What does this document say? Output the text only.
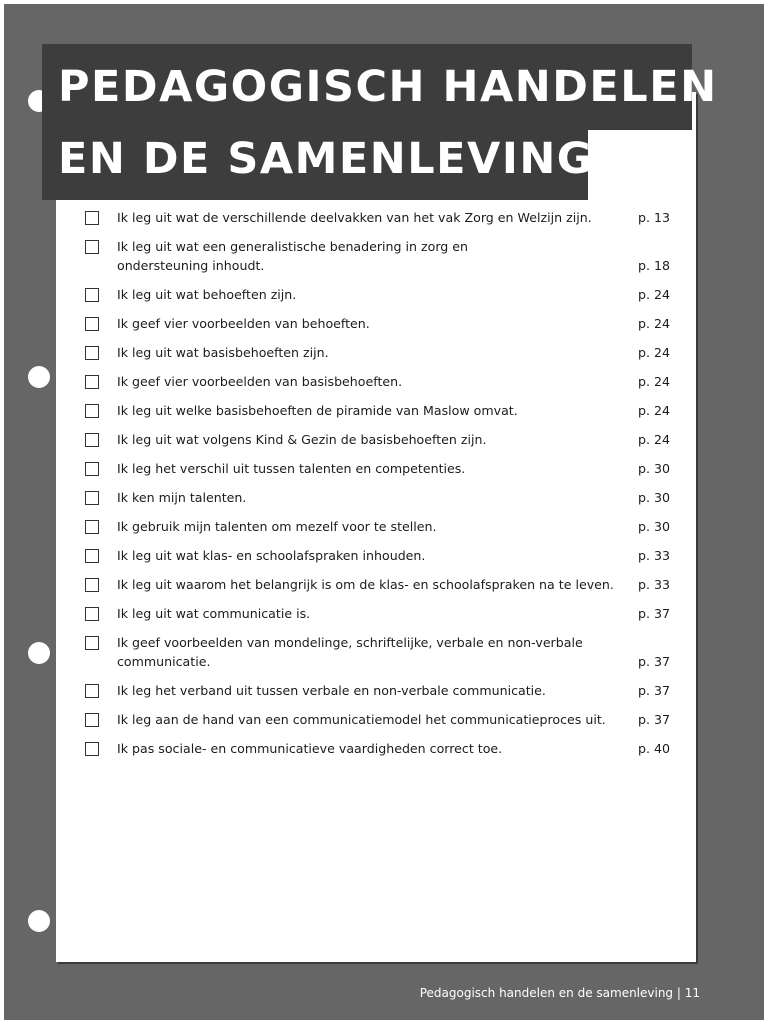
PEDAGOGISCH HANDELEN
EN DE SAMENLEVING
Ik leg uit wat de verschillende deelvakken van het vak Zorg en Welzijn zijn.	p. 13
Ik leg uit wat een generalistische benadering in zorg en
ondersteuning inhoudt.	p. 18
Ik leg uit wat behoeften zijn.	p. 24
Ik geef vier voorbeelden van behoeften.	p. 24
Ik leg uit wat basisbehoeften zijn.	p. 24
Ik geef vier voorbeelden van basisbehoeften.	p. 24
Ik leg uit welke basisbehoeften de piramide van Maslow omvat.	p. 24
Ik leg uit wat volgens Kind & Gezin de basisbehoeften zijn.	p. 24
Ik leg het verschil uit tussen talenten en competenties.	p. 30
Ik ken mijn talenten.	p. 30
Ik gebruik mijn talenten om mezelf voor te stellen.	p. 30
Ik leg uit wat klas- en schoolafspraken inhouden.	p. 33
Ik leg uit waarom het belangrijk is om de klas- en schoolafspraken na te leven.	p. 33
Ik leg uit wat communicatie is.	p. 37
Ik geef voorbeelden van mondelinge, schriftelijke, verbale en non-verbale
communicatie.	p. 37
Ik leg het verband uit tussen verbale en non-verbale communicatie.	p. 37
Ik leg aan de hand van een communicatiemodel het communicatieproces uit.	p. 37
Ik pas sociale- en communicatieve vaardigheden correct toe.	p. 40
Pedagogisch handelen en de samenleving | 11
